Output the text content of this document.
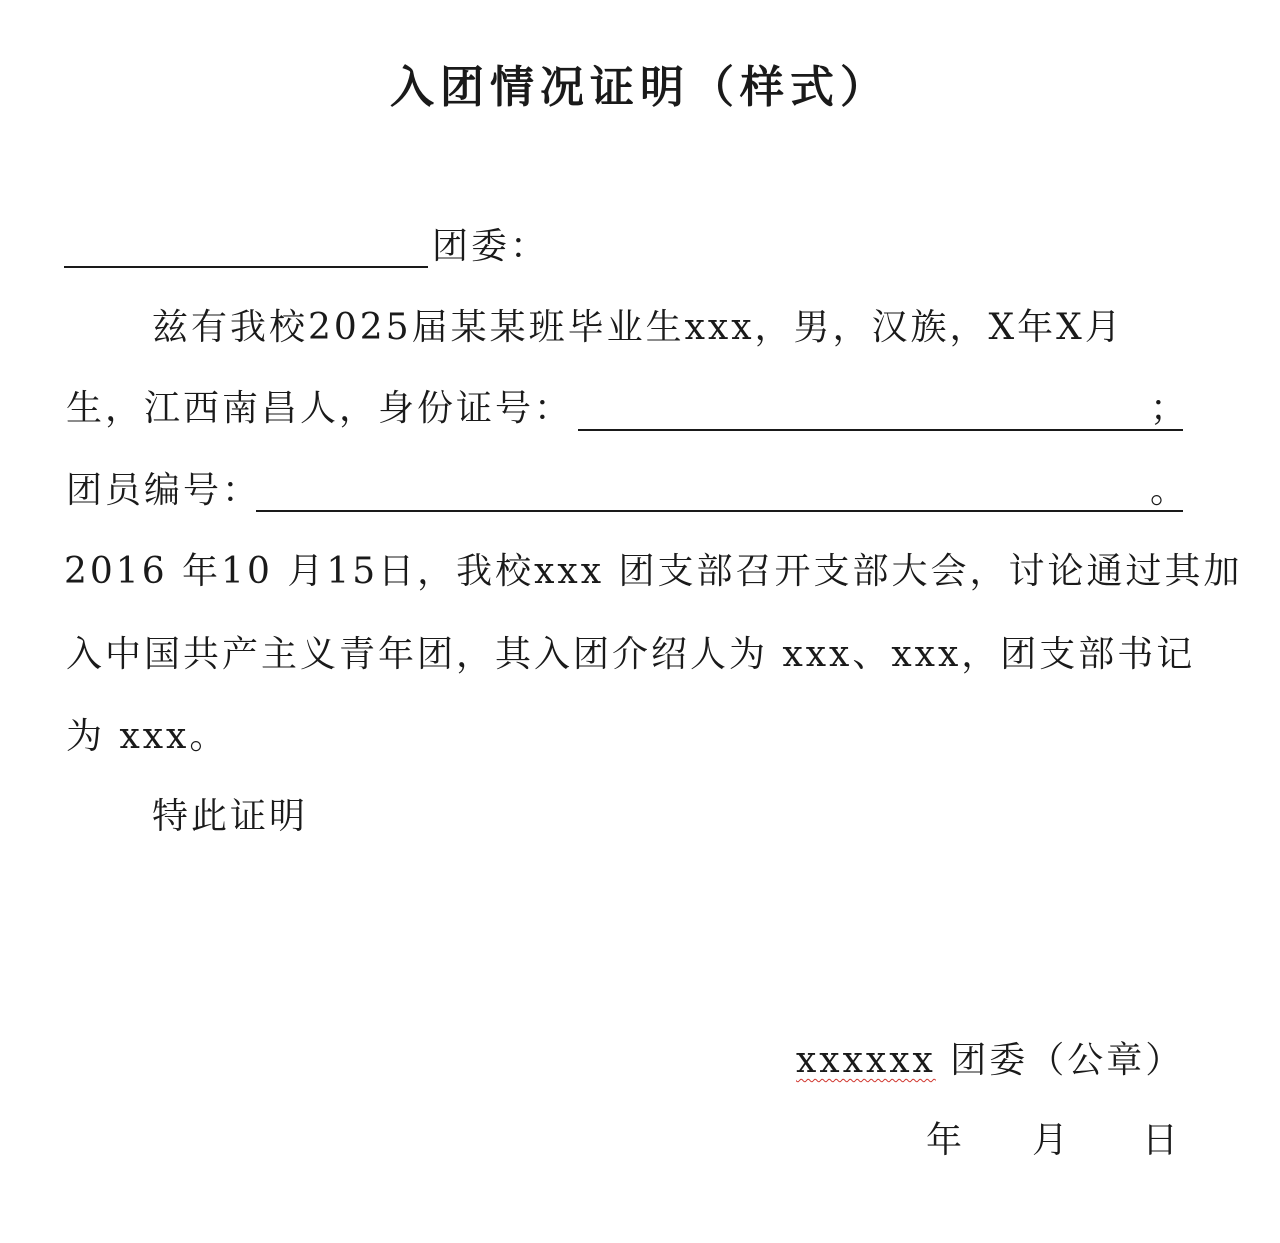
入团情况证明（样式）
团委：
兹有我校2025届某某班毕业生xxx，男，汉族，X年X月
生，江西南昌人，身份证号：	；
团员编号：	。
2016 年10 月15日，我校xxx 团支部召开支部大会，讨论通过其加
入中国共产主义青年团，其入团介绍人为 xxx、xxx，团支部书记
为 xxx。
特此证明
xxxxxx 团委（公章）
年 月 日
